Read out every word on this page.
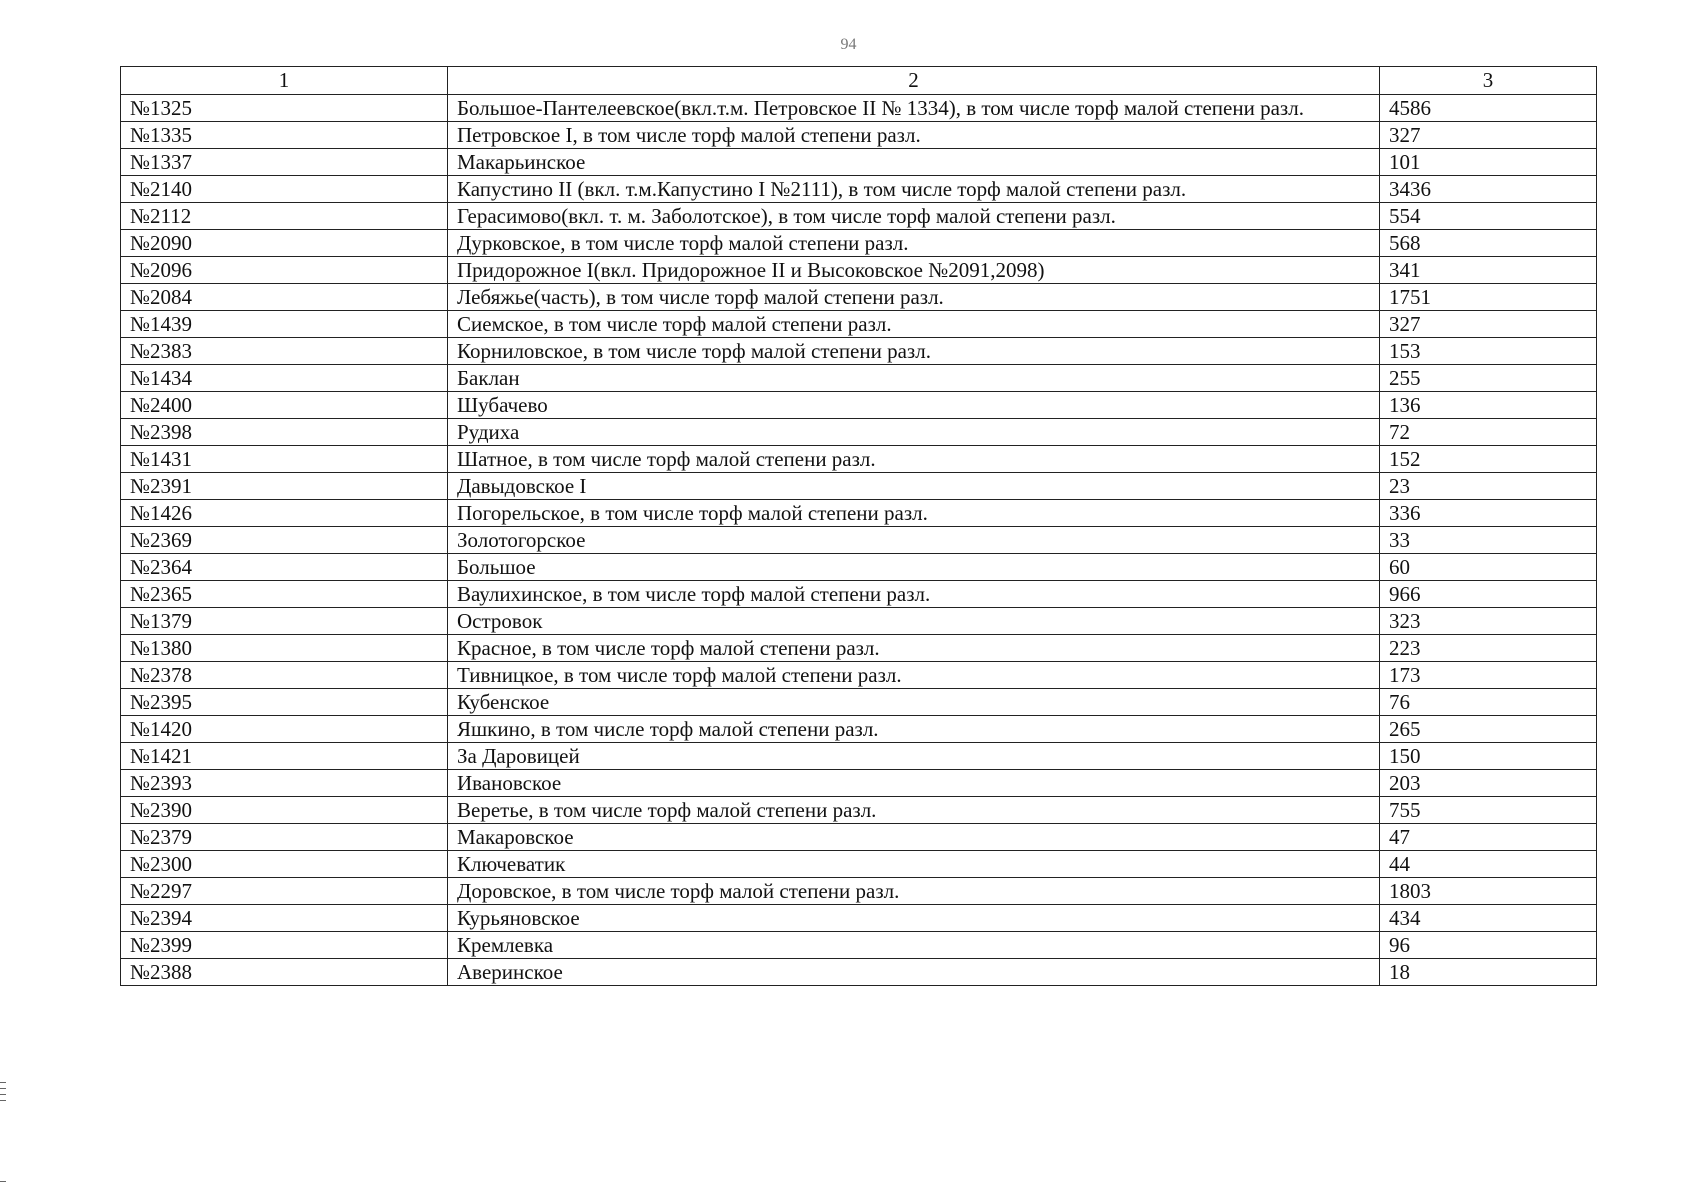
94
1	2	3
№1325	Большое-Пантелеевское(вкл.т.м. Петровское II № 1334), в том числе торф малой степени разл.	4586
№1335	Петровское I, в том числе торф малой степени разл.	327
№1337	Макарьинское	101
№2140	Капустино II (вкл. т.м.Капустино I №2111), в том числе торф малой степени разл.	3436
№2112	Герасимово(вкл. т. м. Заболотское), в том числе торф малой степени разл.	554
№2090	Дурковское, в том числе торф малой степени разл.	568
№2096	Придорожное I(вкл. Придорожное II и Высоковское №2091,2098)	341
№2084	Лебяжье(часть), в том числе торф малой степени разл.	1751
№1439	Сиемское, в том числе торф малой степени разл.	327
№2383	Корниловское, в том числе торф малой степени разл.	153
№1434	Баклан	255
№2400	Шубачево	136
№2398	Рудиха	72
№1431	Шатное, в том числе торф малой степени разл.	152
№2391	Давыдовское I	23
№1426	Погорельское, в том числе торф малой степени разл.	336
№2369	Золотогорское	33
№2364	Большое	60
№2365	Ваулихинское, в том числе торф малой степени разл.	966
№1379	Островок	323
№1380	Красное, в том числе торф малой степени разл.	223
№2378	Тивницкое, в том числе торф малой степени разл.	173
№2395	Кубенское	76
№1420	Яшкино, в том числе торф малой степени разл.	265
№1421	За Даровицей	150
№2393	Ивановское	203
№2390	Веретье, в том числе торф малой степени разл.	755
№2379	Макаровское	47
№2300	Ключеватик	44
№2297	Доровское, в том числе торф малой степени разл.	1803
№2394	Курьяновское	434
№2399	Кремлевка	96
№2388	Аверинское	18
